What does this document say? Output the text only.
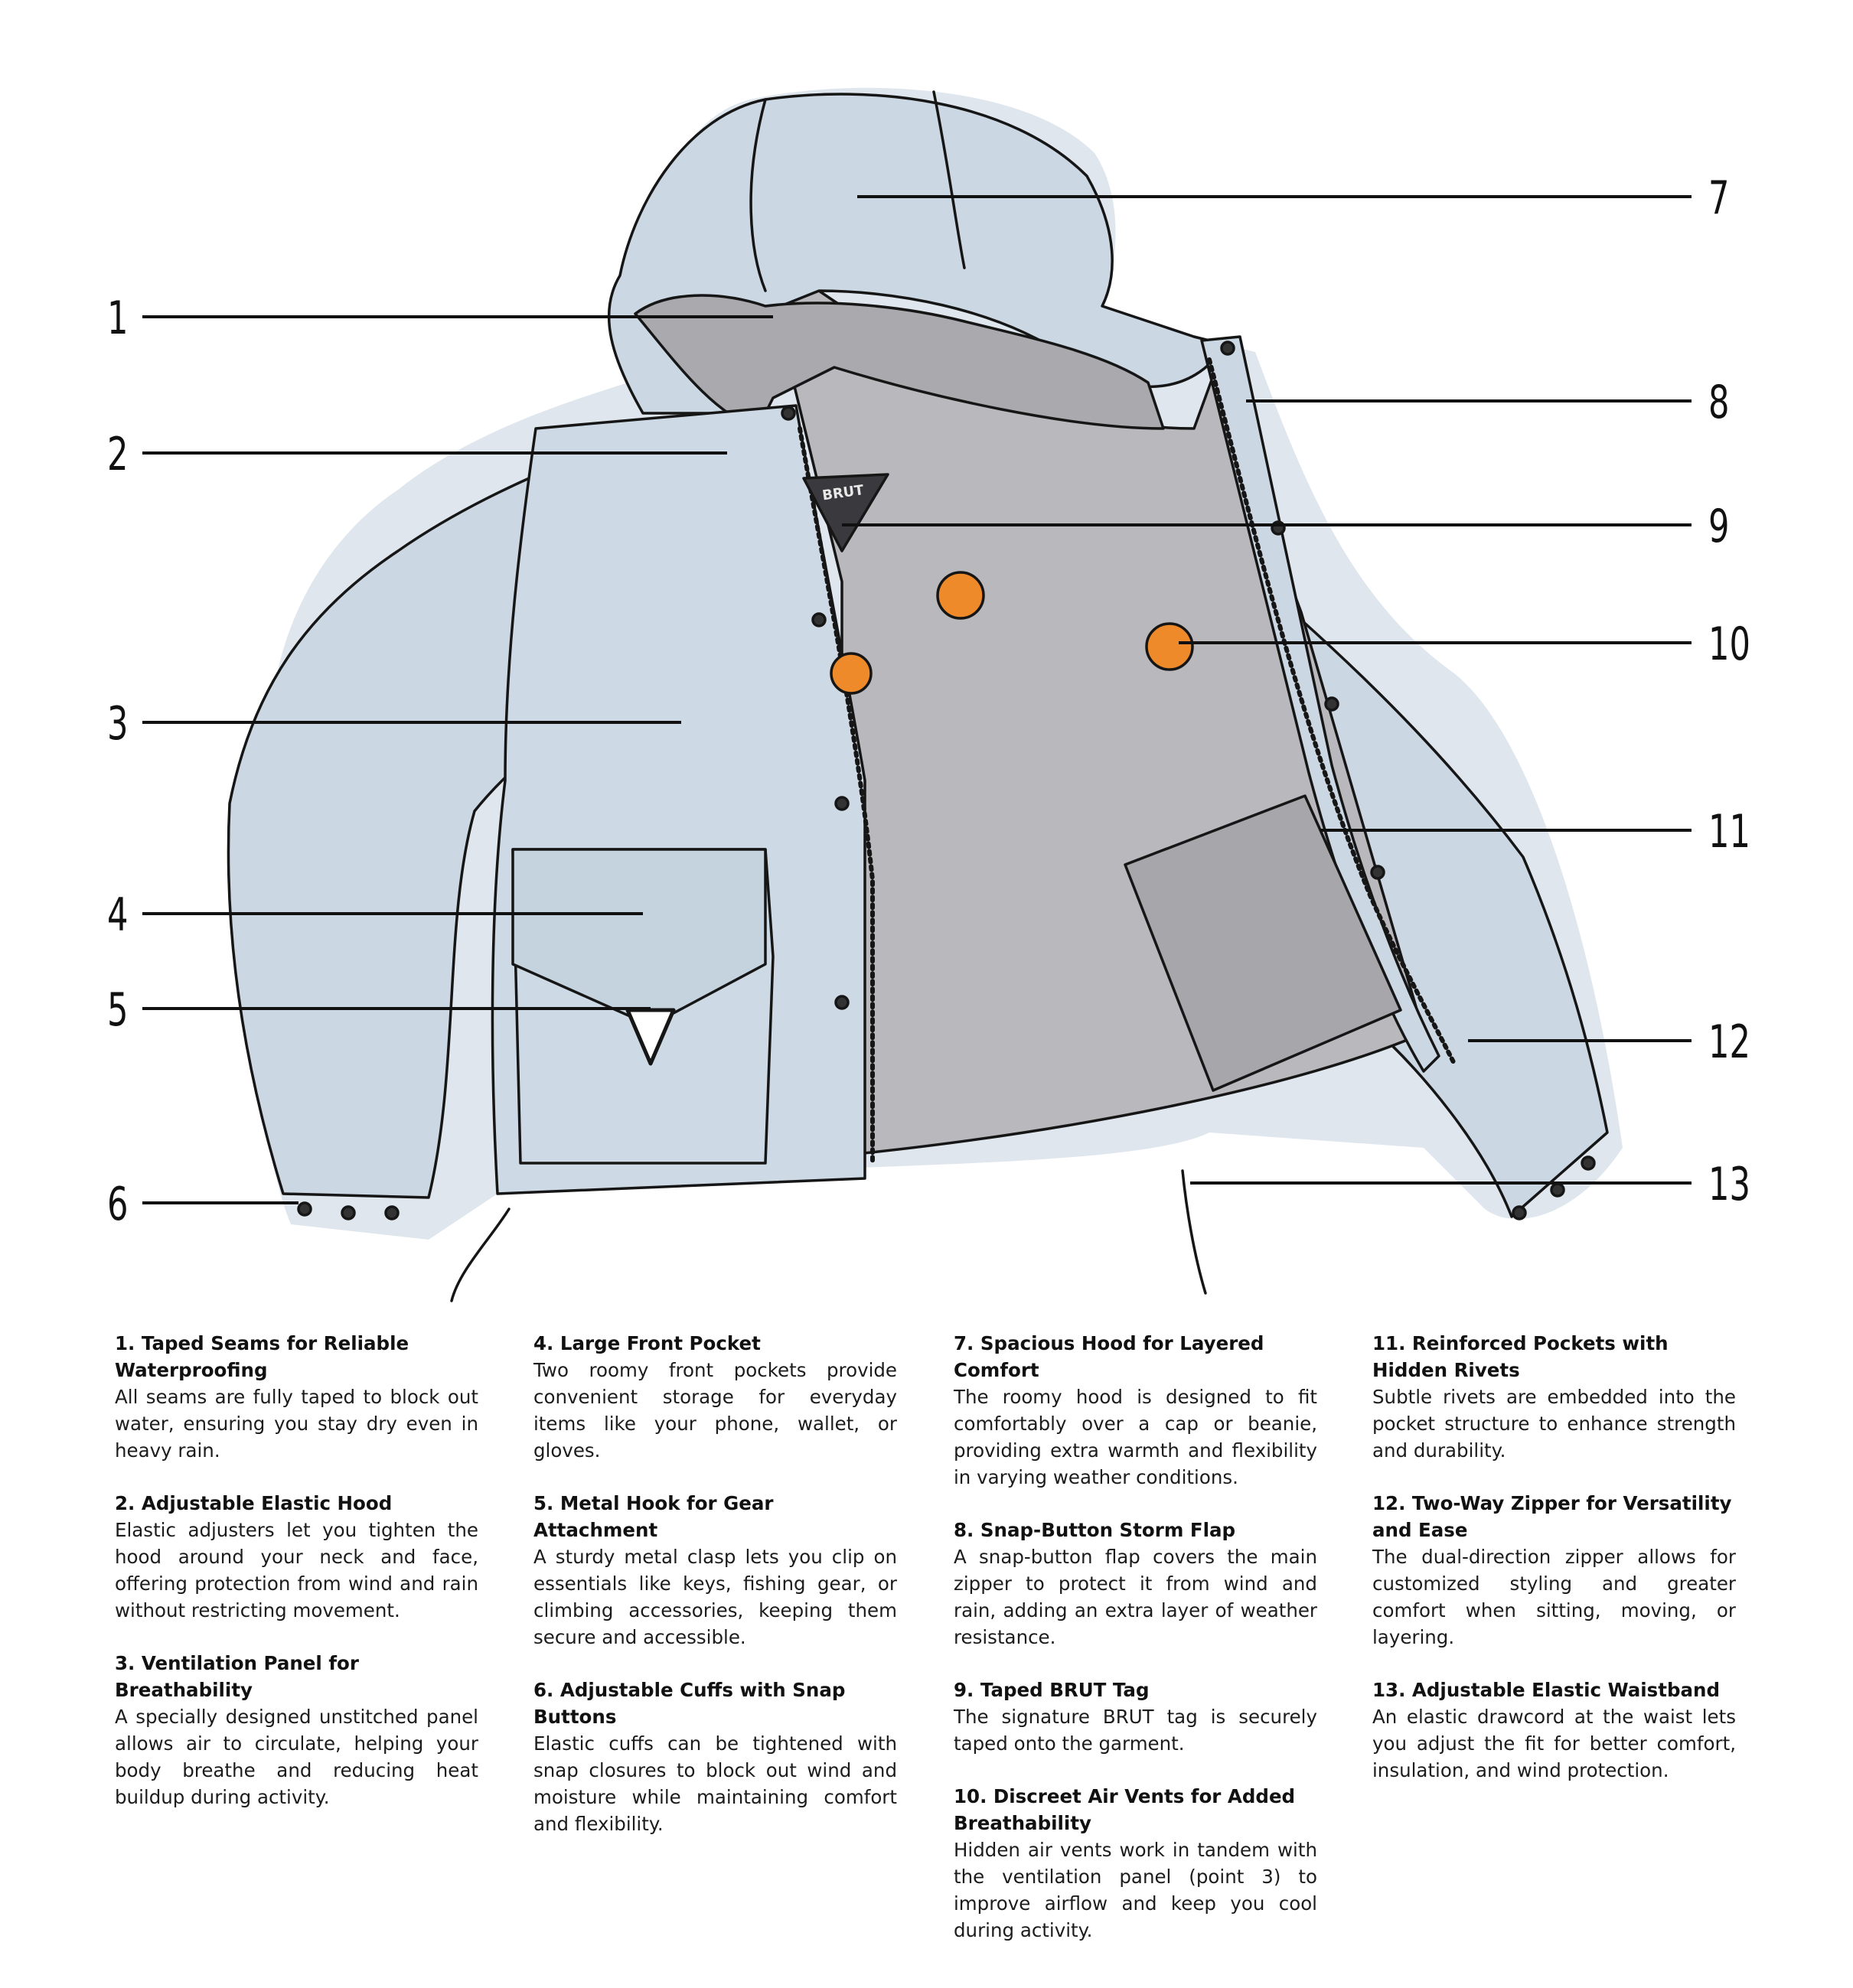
BRUT
1
2
3
4
5
6
7
8
9
10
11
12
13
1. Taped Seams for Reliable Waterproofing

All seams are fully taped to block out water, ensuring you stay dry even in heavy rain.

2. Adjustable Elastic Hood

Elastic adjusters let you tighten the hood around your neck and face, offering protection from wind and rain without restricting movement.

3. Ventilation Panel for Breathability

A specially designed unstitched panel allows air to circulate, helping your body breathe and reducing heat buildup during activity.

4. Large Front Pocket

Two roomy front pockets provide convenient storage for everyday items like your phone, wallet, or gloves.

5. Metal Hook for Gear Attachment

A sturdy metal clasp lets you clip on essentials like keys, fishing gear, or climbing accessories, keeping them secure and accessible.

6. Adjustable Cuffs with Snap Buttons

Elastic cuffs can be tightened with snap closures to block out wind and moisture while maintaining comfort and flexibility.

7. Spacious Hood for Layered Comfort

The roomy hood is designed to fit comfortably over a cap or beanie, providing extra warmth and flexibility in varying weather conditions.

8. Snap-Button Storm Flap

A snap-button flap covers the main zipper to protect it from wind and rain, adding an extra layer of weather resistance.

9. Taped BRUT Tag

The signature BRUT tag is securely taped onto the garment.

10. Discreet Air Vents for Added Breathability

Hidden air vents work in tandem with the ventilation panel (point 3) to improve airflow and keep you cool during activity.

11. Reinforced Pockets with Hidden Rivets

Subtle rivets are embedded into the pocket structure to enhance strength and durability.

12. Two-Way Zipper for Versatility and Ease

The dual-direction zipper allows for customized styling and greater comfort when sitting, moving, or layering.

13. Adjustable Elastic Waistband

An elastic drawcord at the waist lets you adjust the fit for better comfort, insulation, and wind protection.
